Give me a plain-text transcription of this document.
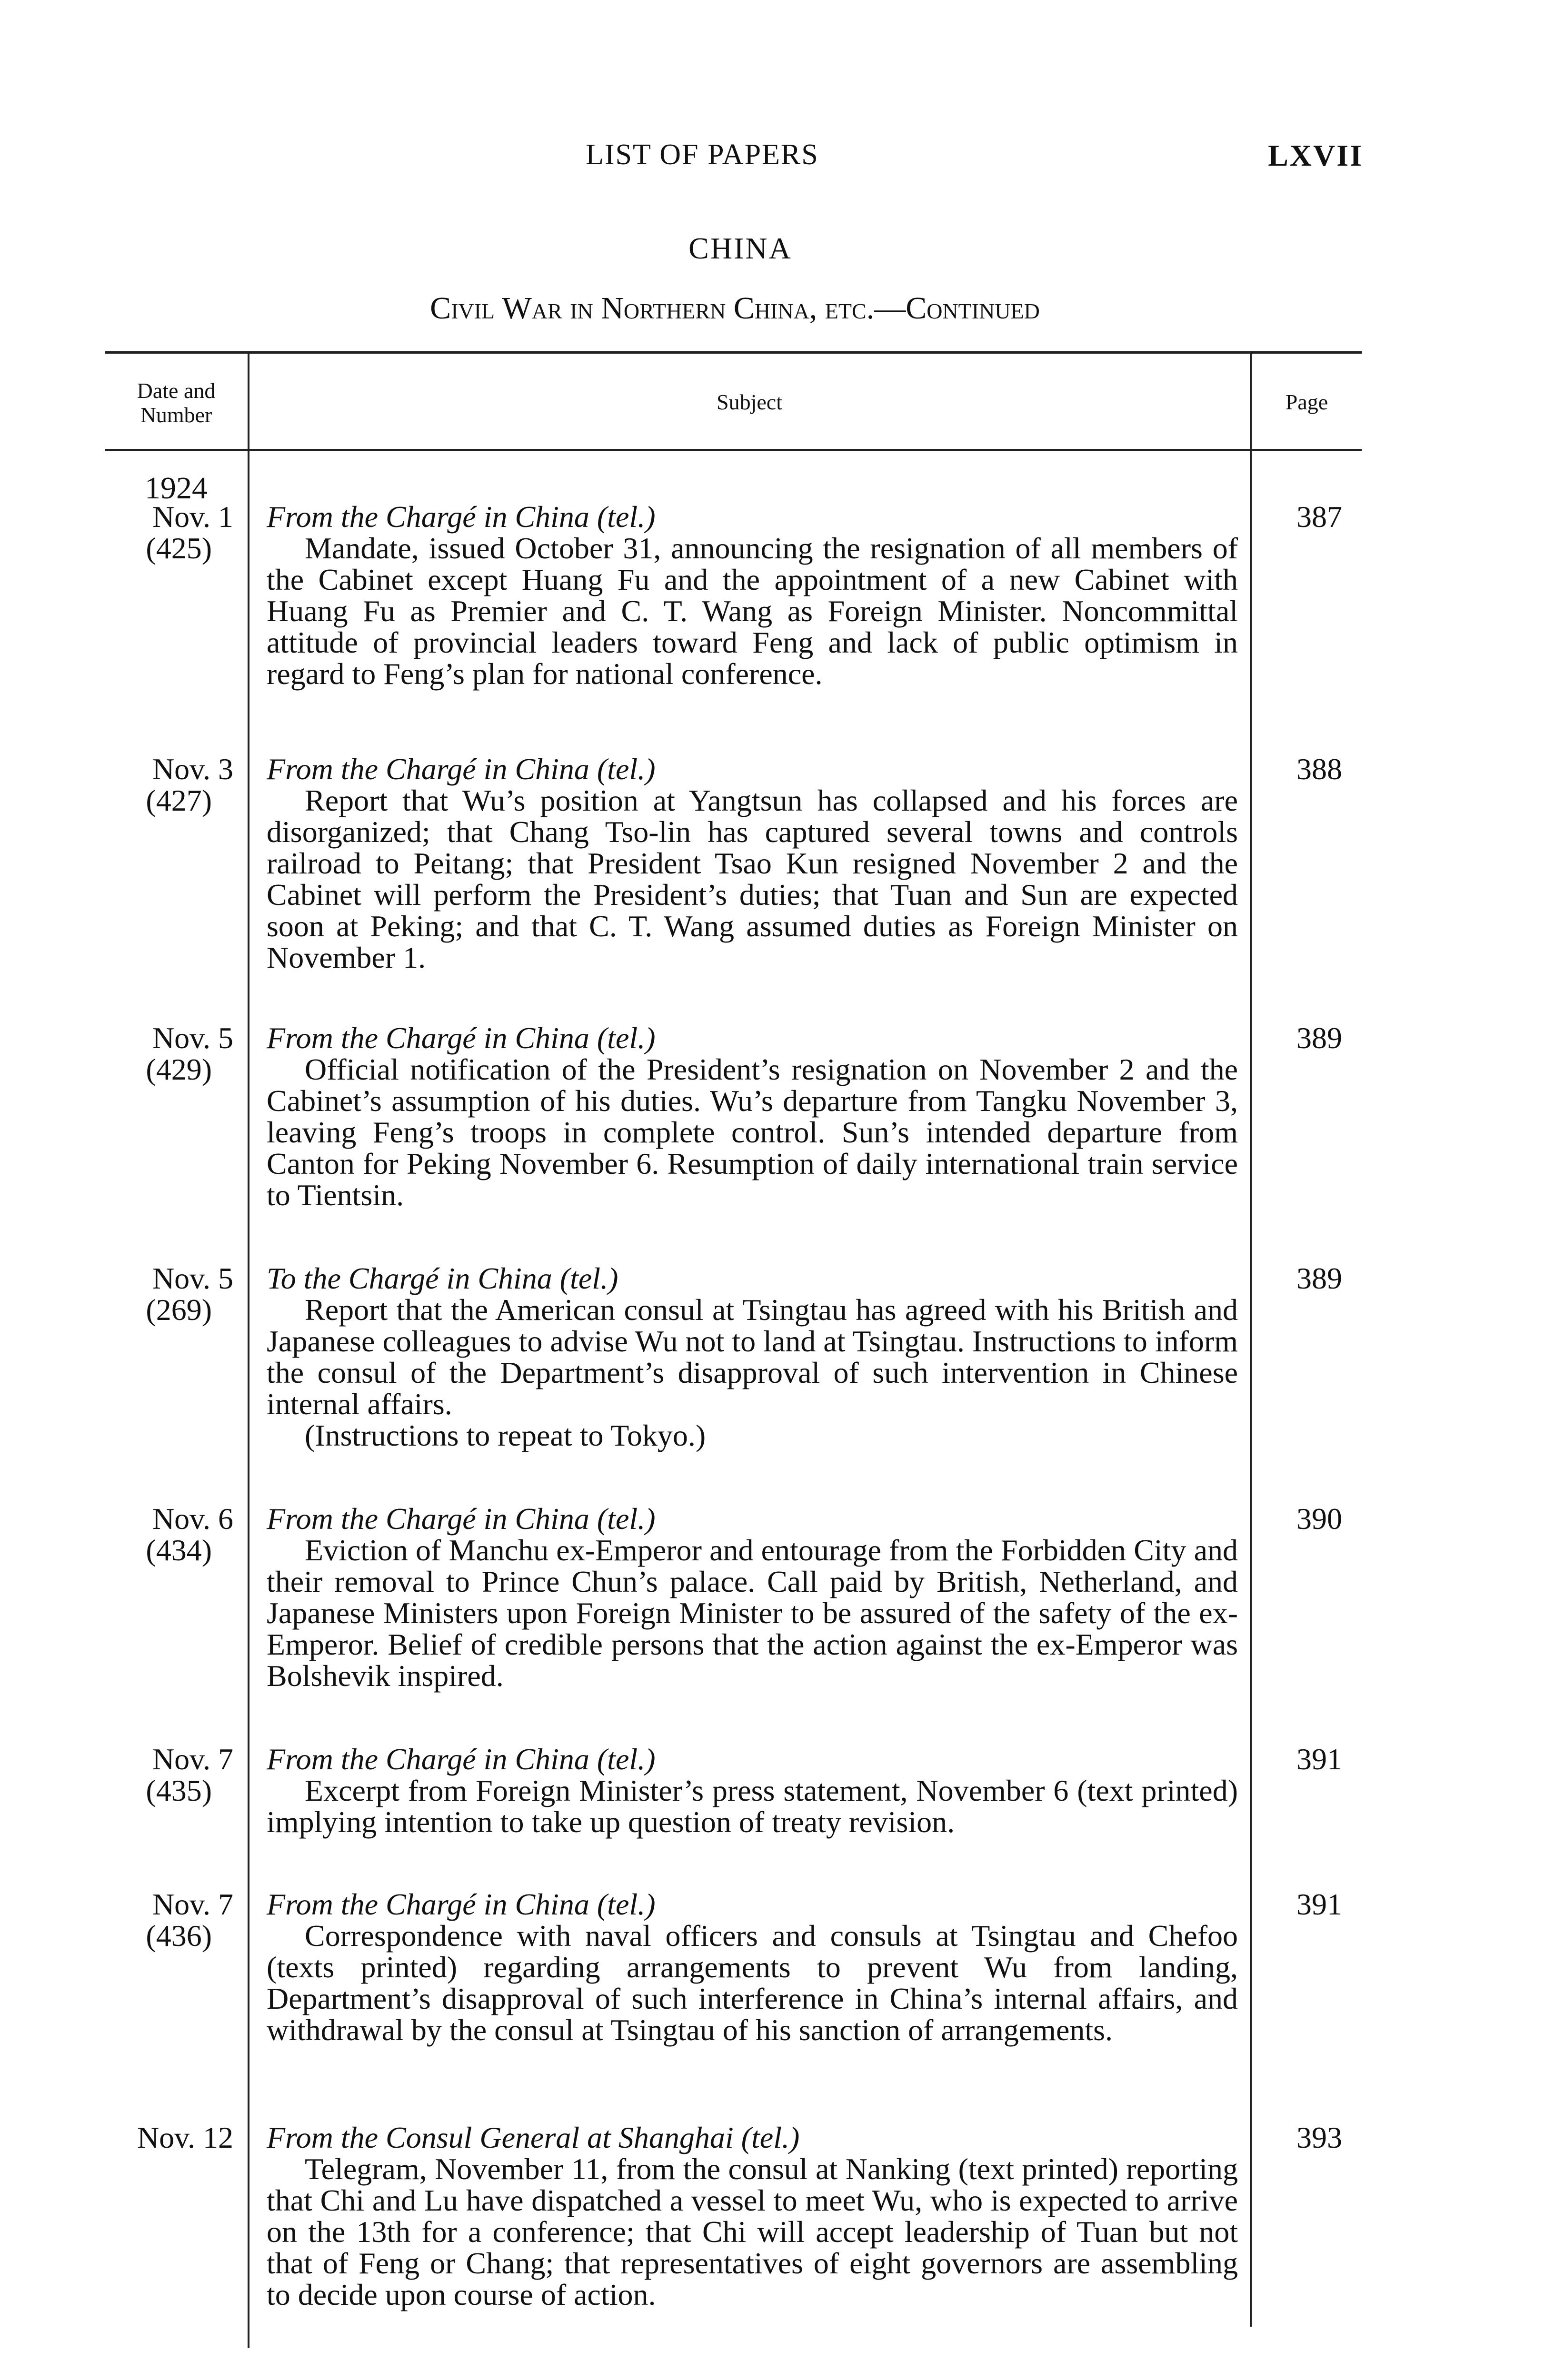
LIST OF PAPERS	LXVII
CHINA
Civil War in Northern China, etc.—Continued
Date and
Number
Subject	Page
1924
Nov. 1
(425)
From the Chargé in China (tel.)
Mandate, issued October 31, announcing the resignation of all members of the Cabinet except Huang Fu and the appointment of a new Cabinet with Huang Fu as Premier and C. T. Wang as Foreign Minister. Noncommittal attitude of provincial leaders toward Feng and lack of public optimism in regard to Feng’s plan for national conference.
387
Nov. 3
(427)
From the Chargé in China (tel.)
Report that Wu’s position at Yangtsun has collapsed and his forces are disorganized; that Chang Tso-lin has captured several towns and controls railroad to Peitang; that President Tsao Kun resigned November 2 and the Cabinet will perform the President’s duties; that Tuan and Sun are expected soon at Peking; and that C. T. Wang assumed duties as Foreign Minister on November 1.
388
Nov. 5
(429)
From the Chargé in China (tel.)
Official notification of the President’s resignation on November 2 and the Cabinet’s assumption of his duties. Wu’s departure from Tangku November 3, leaving Feng’s troops in complete control. Sun’s intended departure from Canton for Peking November 6. Resumption of daily international train service to Tientsin.
389
Nov. 5
(269)
To the Chargé in China (tel.)
Report that the American consul at Tsingtau has agreed with his British and Japanese colleagues to advise Wu not to land at Tsingtau. Instructions to inform the consul of the Department’s disapproval of such intervention in Chinese internal affairs.
(Instructions to repeat to Tokyo.)
389
Nov. 6
(434)
From the Chargé in China (tel.)
Eviction of Manchu ex-Emperor and entourage from the Forbidden City and their removal to Prince Chun’s palace. Call paid by British, Netherland, and Japanese Ministers upon Foreign Minister to be assured of the safety of the ex-Emperor. Belief of credible persons that the action against the ex-Emperor was Bolshevik inspired.
390
Nov. 7
(435)
From the Chargé in China (tel.)
Excerpt from Foreign Minister’s press statement, November 6 (text printed) implying intention to take up question of treaty revision.
391
Nov. 7
(436)
From the Chargé in China (tel.)
Correspondence with naval officers and consuls at Tsingtau and Chefoo (texts printed) regarding arrangements to prevent Wu from landing, Department’s disapproval of such interference in China’s internal affairs, and withdrawal by the consul at Tsingtau of his sanction of arrangements.
391
Nov. 12 From the Consul General at Shanghai (tel.)
Telegram, November 11, from the consul at Nanking (text printed) reporting that Chi and Lu have dispatched a vessel to meet Wu, who is expected to arrive on the 13th for a conference; that Chi will accept leadership of Tuan but not that of Feng or Chang; that representatives of eight governors are assembling to decide upon course of action.
393
